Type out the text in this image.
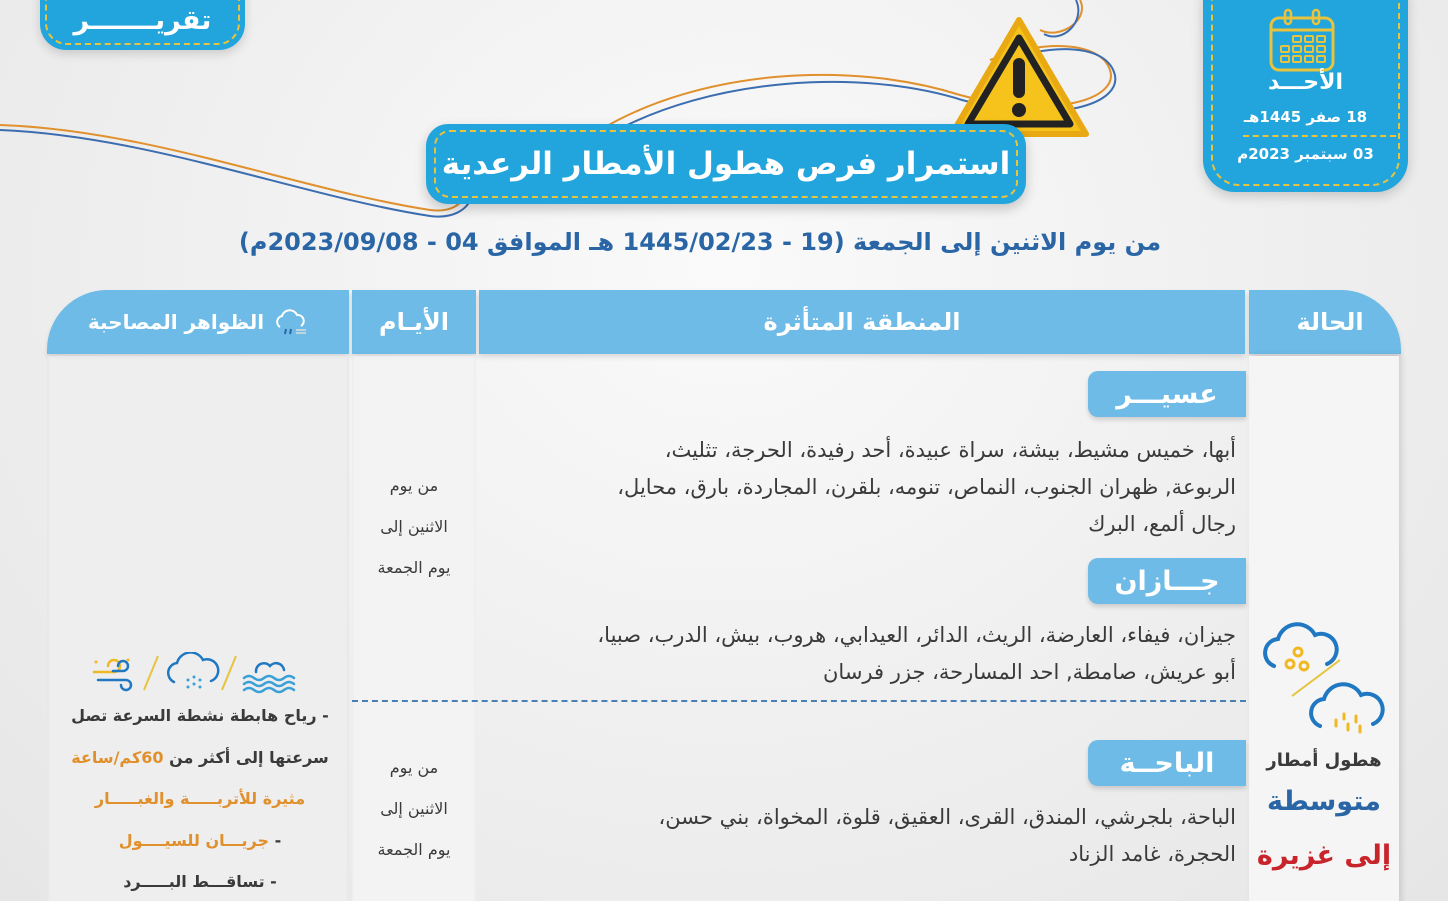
تقريـــــــر
الأحـــد
18 صفر 1445هـ
03 سبتمبر 2023م
استمرار فرص هطول الأمطار الرعدية
من يوم الاثنين إلى الجمعة (19 - 1445/02/23 هـ الموافق 04 - 2023/09/08م)
الحالة
المنطقة المتأثرة
الأيـام
الظواهر المصاحبة
عسيـــر
أبها، خميس مشيط، بيشة، سراة عبيدة، أحد رفيدة، الحرجة، تثليث،
الربوعة, ظهران الجنوب، النماص، تنومه، بلقرن، المجاردة، بارق، محايل،
رجال ألمع، البرك
جـــازان
جيزان، فيفاء، العارضة، الريث، الدائر، العيدابي، هروب، بيش، الدرب، صبيا،
أبو عريش، صامطة, احد المسارحة، جزر فرسان
من يوم
الاثنين إلى
يوم الجمعة
الباحــة
الباحة، بلجرشي، المندق، القرى، العقيق، قلوة، المخواة، بني حسن،
الحجرة، غامد الزناد
من يوم
الاثنين إلى
يوم الجمعة
هطول أمطار
متوسطة
إلى غزيرة
- رياح هابطة نشطة السرعة تصل
سرعتها إلى أكثر من 60كم/ساعة
مثيرة للأتربـــــة والغبـــــار
- جريـــان للسيــــول
- تساقـــط البـــــرد
